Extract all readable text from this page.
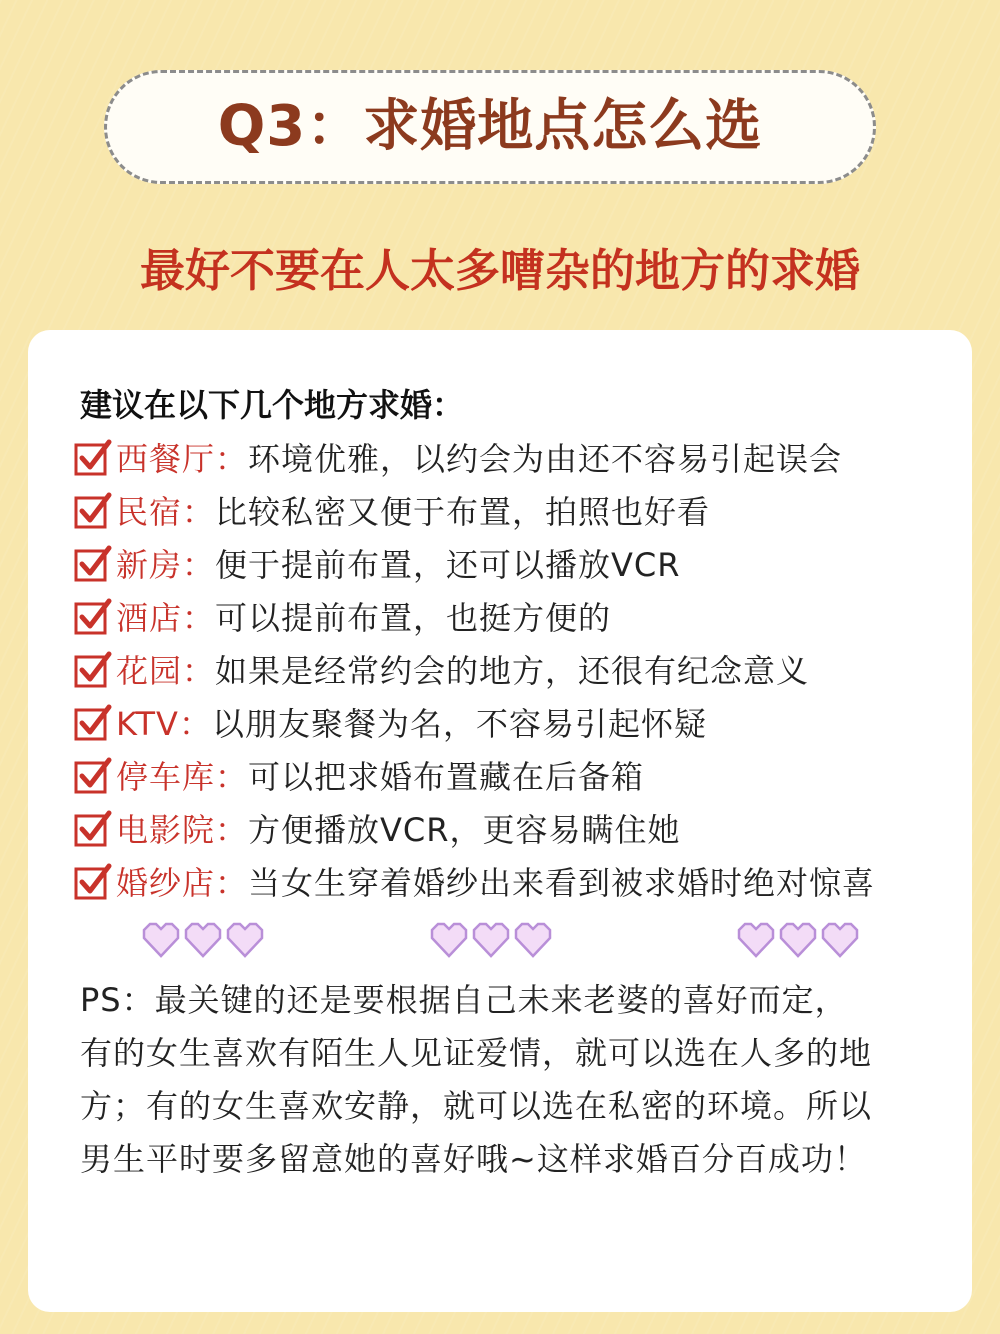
Q3：求婚地点怎么选
最好不要在人太多嘈杂的地方的求婚
建议在以下几个地方求婚：
西餐厅： 环境优雅，以约会为由还不容易引起误会
民宿： 比较私密又便于布置，拍照也好看
新房： 便于提前布置，还可以播放VCR
酒店： 可以提前布置，也挺方便的
花园： 如果是经常约会的地方，还很有纪念意义
KTV： 以朋友聚餐为名，不容易引起怀疑
停车库： 可以把求婚布置藏在后备箱
电影院： 方便播放VCR，更容易瞒住她
婚纱店： 当女生穿着婚纱出来看到被求婚时绝对惊喜
PS：最关键的还是要根据自己未来老婆的喜好而定，
有的女生喜欢有陌生人见证爱情，就可以选在人多的地
方；有的女生喜欢安静，就可以选在私密的环境。所以
男生平时要多留意她的喜好哦~这样求婚百分百成功！
